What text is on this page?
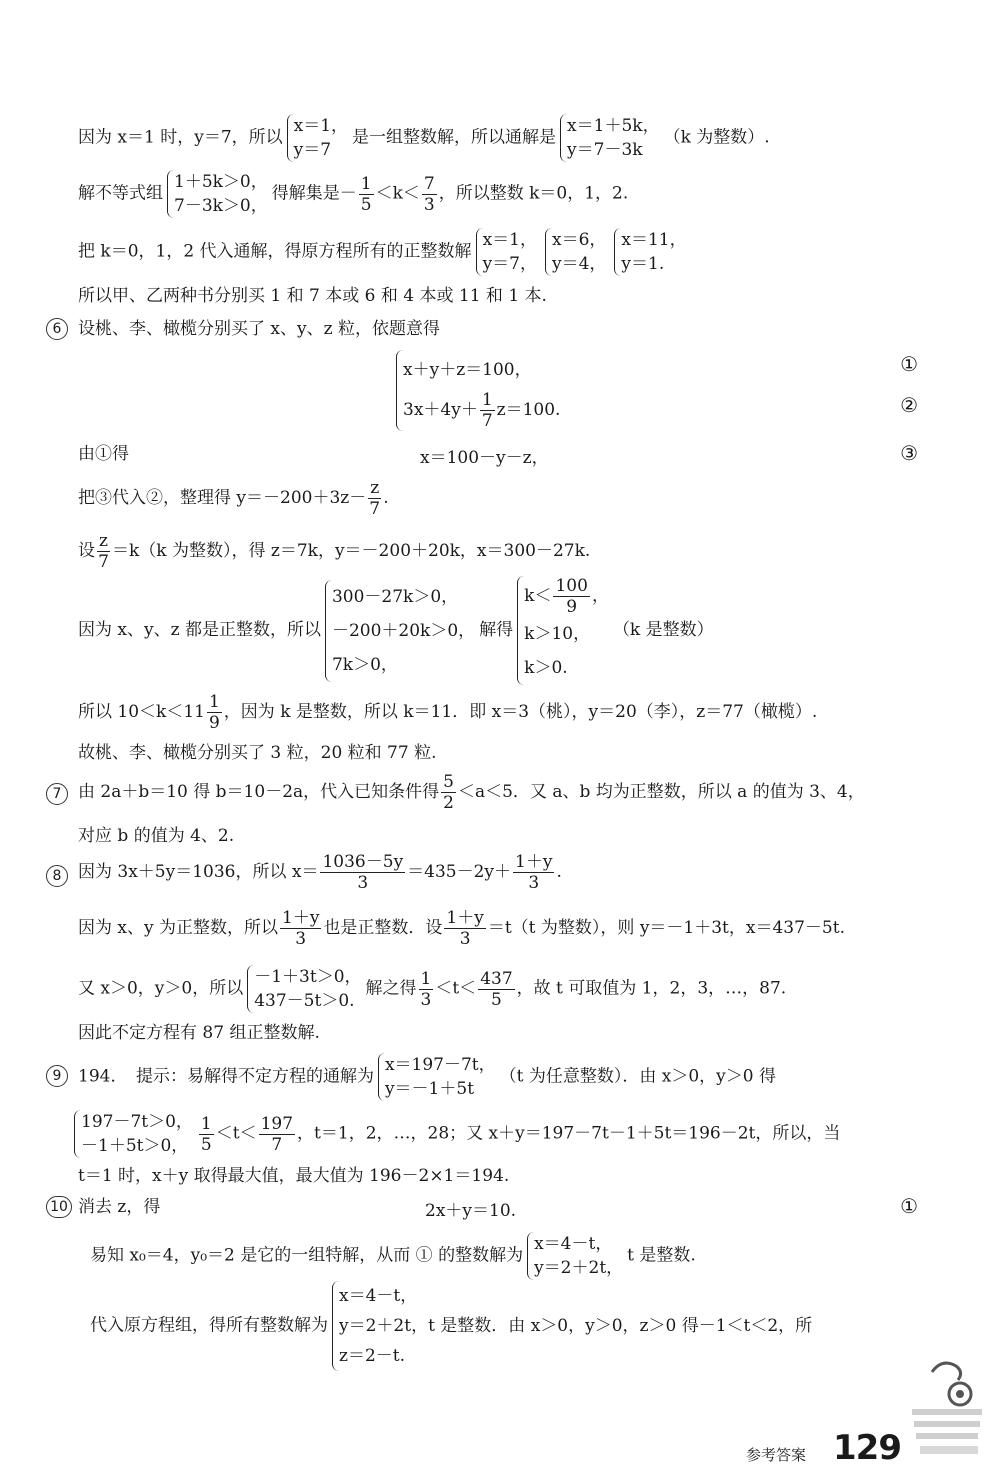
因为 x＝1 时，y＝7，所以
x＝1，
y＝7
是一组整数解，所以通解是
x＝1＋5k，
y＝7－3k
（k 为整数）.
解不等式组
1＋5k＞0，
7－3k＞0，
得解集是－ $\frac{1}{5} <k< \frac{7}{3}$ ，所以整数 k＝0，1，2.
把 k＝0，1，2 代入通解，得原方程所有的正整数解
x＝1，
y＝7，
x＝6，
y＝4，
x＝11，
y＝1.
所以甲、乙两种书分别买 1 和 7 本或 6 和 4 本或 11 和 1 本.
6 设桃、李、橄榄分别买了 x、y、z 粒，依题意得
x＋y＋z＝100，
$3x+4y+ \frac{1}{7} z=100$.
①
②
由①得	x＝100－y－z，	③
把③代入②，整理得 $y=-200+3z- \frac{z}{7}$ .
设 $\frac{z}{7} =k(k$ 为整数），得 z＝7k，y＝－200＋20k，x＝300－27k.
因为 x、y、z 都是正整数，所以
300－27k＞0，
－200＋20k＞0，
7k＞0，
解得
$k< \frac{100}{9}$ ，
k＞10，
k＞0.
（k 是整数）
所以 $10<k<11 \frac{1}{9}$ ，因为 k 是整数，所以 k＝11．即 x＝3（桃），y＝20（李），z＝77（橄榄）.
故桃、李、橄榄分别买了 3 粒，20 粒和 77 粒.
7 由 2a＋b＝10 得 b＝10－2a，代入已知条件得 $\frac{5}{2} <a<5$．又 a、b 均为正整数，所以 a 的值为 3、4，
对应 b 的值为 4、2.
8 因为 3x＋5y＝1036，所以 $x= \frac{1036-5y}{3} =435-2y+ \frac{1+y}{3}$ .
因为 x、y 为正整数，所以 $\frac{1+y}{3}$ 也是正整数．设 $\frac{1+y}{3} =t(t$ 为整数），则 y＝－1＋3t，x＝437－5t.
又 x＞0，y＞0，所以
－1＋3t＞0，
437－5t＞0.
解之得 $\frac{1}{3} <t< \frac{437}{5}$ ，故 t 可取值为 1，2，3，…，87.
因此不定方程有 87 组正整数解.
9 194．　提示：易解得不定方程的通解为
x＝197－7t，
y＝－1＋5t
（t 为任意整数）．由 x＞0，y＞0 得
197－7t＞0，
－1＋5t＞0， $\frac{1}{5} <t< \frac{197}{7}$ ，t＝1，2，…，28；又 x＋y＝197－7t－1＋5t＝196－2t，所以，当
t＝1 时，x＋y 取得最大值，最大值为 196－2×1＝194.
10 消去 z，得	2x＋y＝10.	①
易知 x₀＝4，y₀＝2 是它的一组特解，从而 ① 的整数解为
x＝4－t，
y＝2＋2t，
t 是整数.
代入原方程组，得所有整数解为
x＝4－t，
y＝2＋2t，t 是整数．由 x＞0，y＞0，z＞0 得－1＜t＜2，所
z＝2－t.
参考答案 129
